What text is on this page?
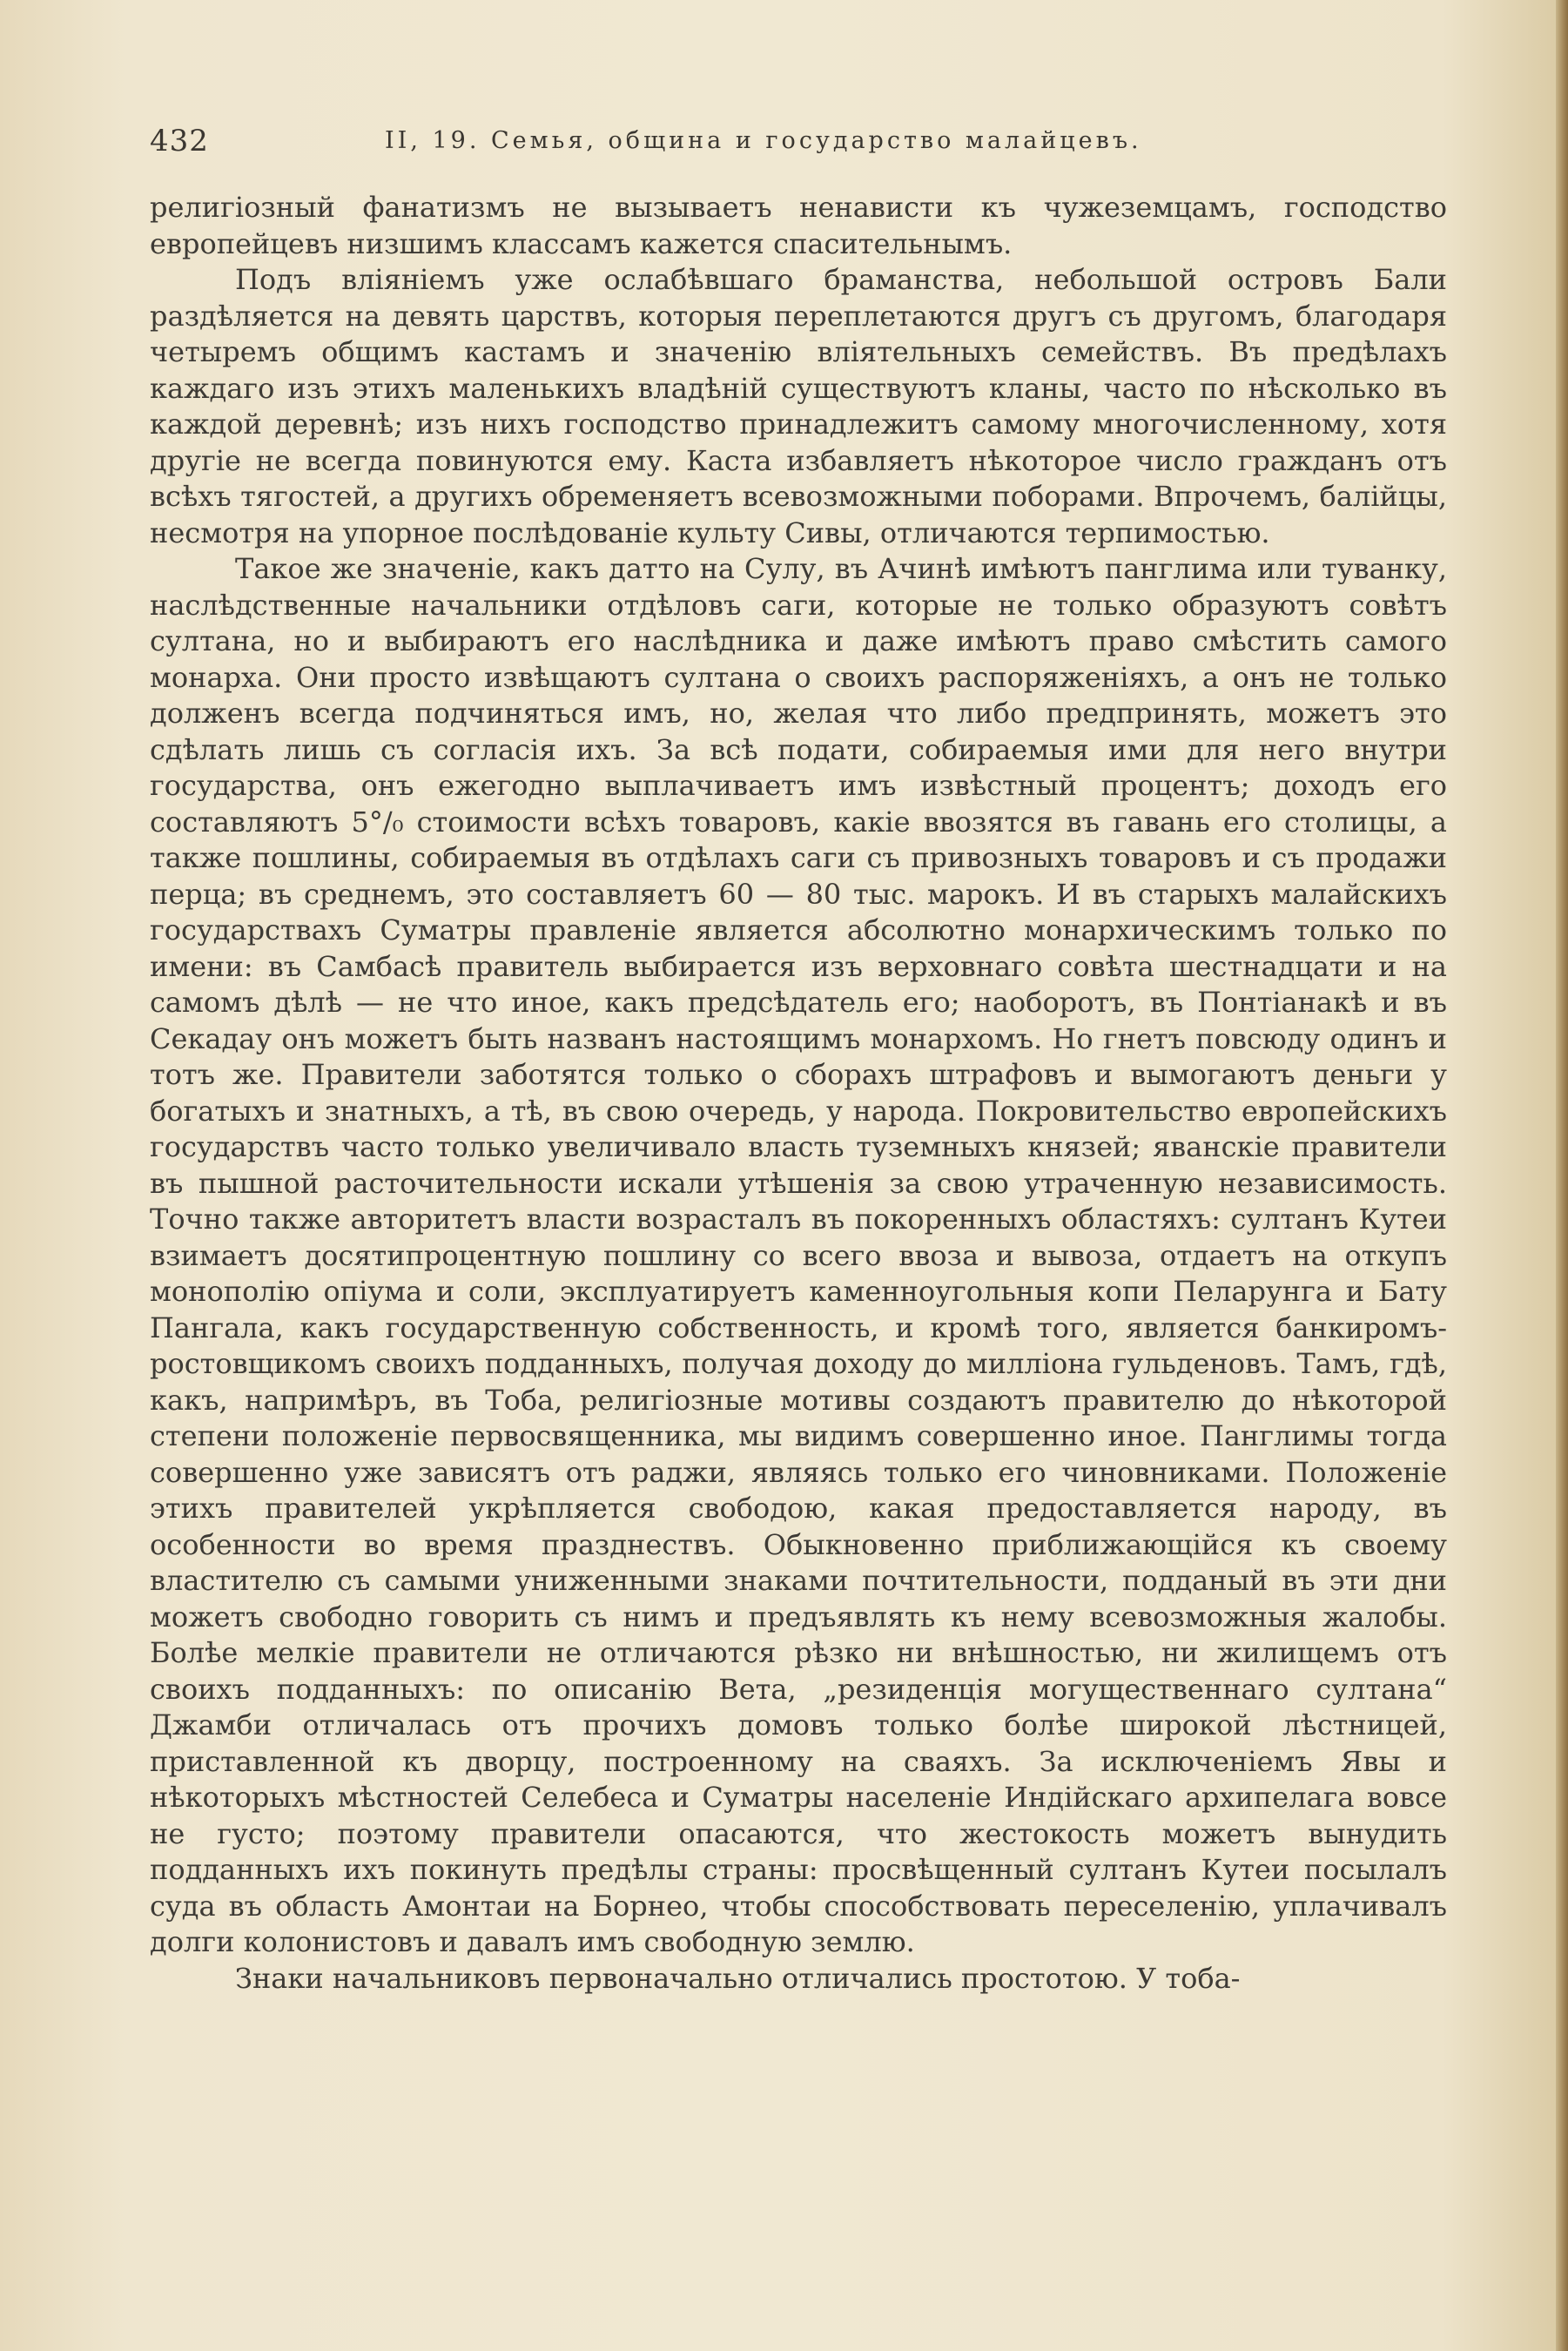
432	II, 19. Семья, община и государство малайцевъ.

религіозный фанатизмъ не вызываетъ ненависти къ чужеземцамъ, господство европейцевъ низшимъ классамъ кажется спасительнымъ.

Подъ вліяніемъ уже ослабѣвшаго браманства, небольшой островъ Бали раздѣляется на девять царствъ, которыя переплетаются другъ съ другомъ, благодаря четыремъ общимъ кастамъ и значенію вліятельныхъ семействъ. Въ предѣлахъ каждаго изъ этихъ маленькихъ владѣній существуютъ кланы, часто по нѣсколько въ каждой деревнѣ; изъ нихъ господство принадлежитъ самому многочисленному, хотя другіе не всегда повинуются ему. Каста избавляетъ нѣкоторое число гражданъ отъ всѣхъ тягостей, а другихъ обременяетъ всевозможными поборами. Впрочемъ, балійцы, несмотря на упорное послѣдованіе культу Сивы, отличаются терпимостью.

Такое же значеніе, какъ датто на Сулу, въ Ачинѣ имѣютъ панглима или туванку, наслѣдственные начальники отдѣловъ саги, которые не только образуютъ совѣтъ султана, но и выбираютъ его наслѣдника и даже имѣютъ право смѣстить самого монарха. Они просто извѣщаютъ султана о своихъ распоряженіяхъ, а онъ не только долженъ всегда подчиняться имъ, но, желая что либо предпринять, можетъ это сдѣлать лишь съ согласія ихъ. За всѣ подати, собираемыя ими для него внутри государства, онъ ежегодно выплачиваетъ имъ извѣстный процентъ; доходъ его составляютъ 5°/₀ стоимости всѣхъ товаровъ, какіе ввозятся въ гавань его столицы, а также пошлины, собираемыя въ отдѣлахъ саги съ привозныхъ товаровъ и съ продажи перца; въ среднемъ, это составляетъ 60 — 80 тыс. марокъ. И въ старыхъ малайскихъ государствахъ Суматры правленіе является абсолютно монархическимъ только по имени: въ Самбасѣ правитель выбирается изъ верховнаго совѣта шестнадцати и на самомъ дѣлѣ — не что иное, какъ предсѣдатель его; наоборотъ, въ Понтіанакѣ и въ Секадау онъ можетъ быть названъ настоящимъ монархомъ. Но гнетъ повсюду одинъ и тотъ же. Правители заботятся только о сборахъ штрафовъ и вымогаютъ деньги у богатыхъ и знатныхъ, а тѣ, въ свою очередь, у народа. Покровительство европейскихъ государствъ часто только увеличивало власть туземныхъ князей; яванскіе правители въ пышной расточительности искали утѣшенія за свою утраченную независимость. Точно также авторитетъ власти возрасталъ въ покоренныхъ областяхъ: султанъ Кутеи взимаетъ досятипроцентную пошлину со всего ввоза и вывоза, отдаетъ на откупъ монополію опіума и соли, эксплуатируетъ каменноугольныя копи Пеларунга и Бату Пангала, какъ государственную собственность, и кромѣ того, является банкиромъ-ростовщикомъ своихъ подданныхъ, получая доходу до милліона гульденовъ. Тамъ, гдѣ, какъ, напримѣръ, въ Тоба, религіозные мотивы создаютъ правителю до нѣкоторой степени положеніе первосвященника, мы видимъ совершенно иное. Панглимы тогда совершенно уже зависятъ отъ раджи, являясь только его чиновниками. Положеніе этихъ правителей укрѣпляется свободою, какая предоставляется народу, въ особенности во время празднествъ. Обыкновенно приближающійся къ своему властителю съ самыми униженными знаками почтительности, подданый въ эти дни можетъ свободно говорить съ нимъ и предъявлять къ нему всевозможныя жалобы. Болѣе мелкіе правители не отличаются рѣзко ни внѣшностью, ни жилищемъ отъ своихъ подданныхъ: по описанію Вета, „резиденція могущественнаго султана“ Джамби отличалась отъ прочихъ домовъ только болѣе широкой лѣстницей, приставленной къ дворцу, построенному на сваяхъ. За исключеніемъ Явы и нѣкоторыхъ мѣстностей Селебеса и Суматры населеніе Индійскаго архипелага вовсе не густо; поэтому правители опасаются, что жестокость можетъ вынудить подданныхъ ихъ покинуть предѣлы страны: просвѣщенный султанъ Кутеи посылалъ суда въ область Амонтаи на Борнео, чтобы способствовать переселенію, уплачивалъ долги колонистовъ и давалъ имъ свободную землю.

Знаки начальниковъ первоначально отличались простотою. У тоба-
